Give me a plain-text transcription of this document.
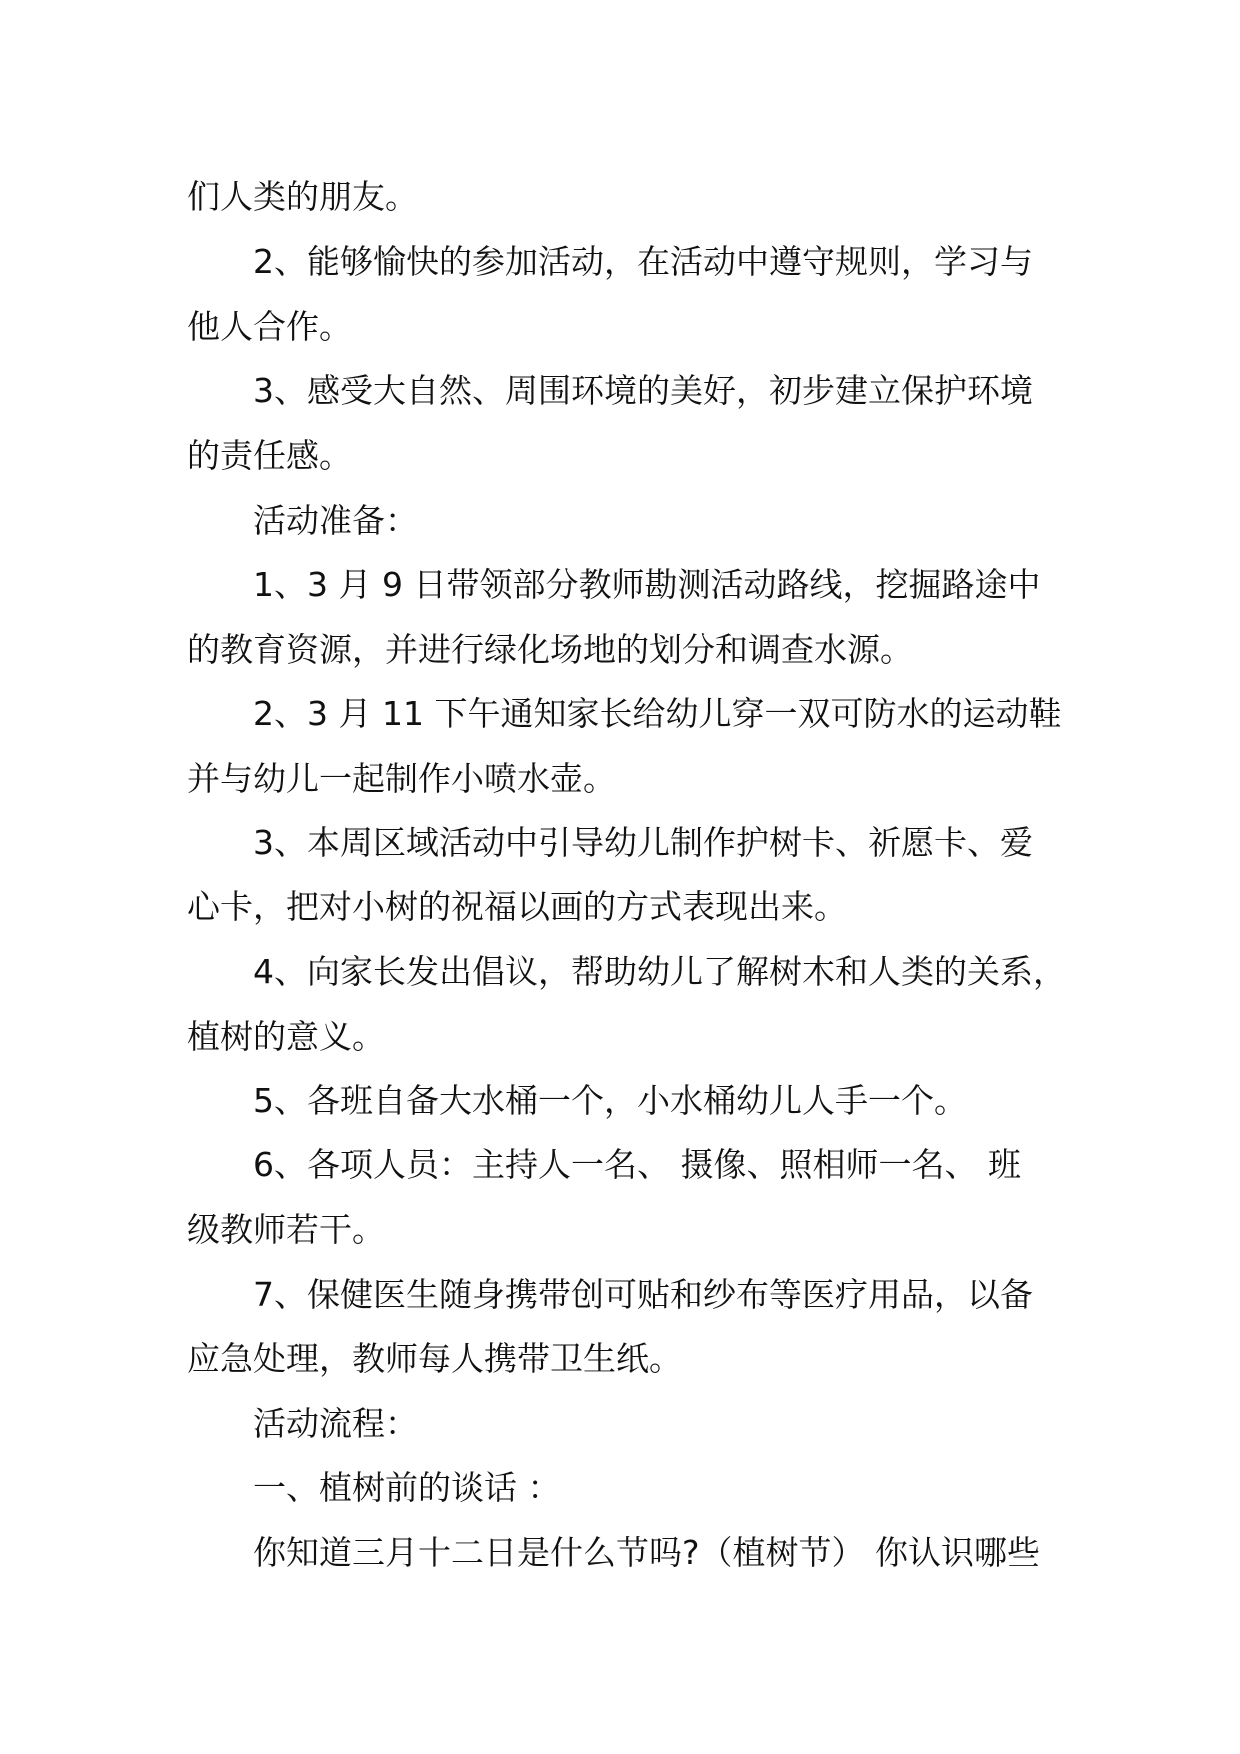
们人类的朋友。
2、能够愉快的参加活动，在活动中遵守规则，学习与
他人合作。
3、感受大自然、周围环境的美好，初步建立保护环境
的责任感。
活动准备：
1、3 月 9 日带领部分教师勘测活动路线，挖掘路途中
的教育资源，并进行绿化场地的划分和调查水源。
2、3 月 11 下午通知家长给幼儿穿一双可防水的运动鞋
并与幼儿一起制作小喷水壶。
3、本周区域活动中引导幼儿制作护树卡、祈愿卡、爱
心卡，把对小树的祝福以画的方式表现出来。
4、向家长发出倡议，帮助幼儿了解树木和人类的关系，
植树的意义。
5、各班自备大水桶一个，小水桶幼儿人手一个。
6、各项人员：主持人一名、 摄像、照相师一名、 班
级教师若干。
7、保健医生随身携带创可贴和纱布等医疗用品，以备
应急处理，教师每人携带卫生纸。
活动流程：
一、植树前的谈话 ：
你知道三月十二日是什么节吗?（植树节） 你认识哪些
